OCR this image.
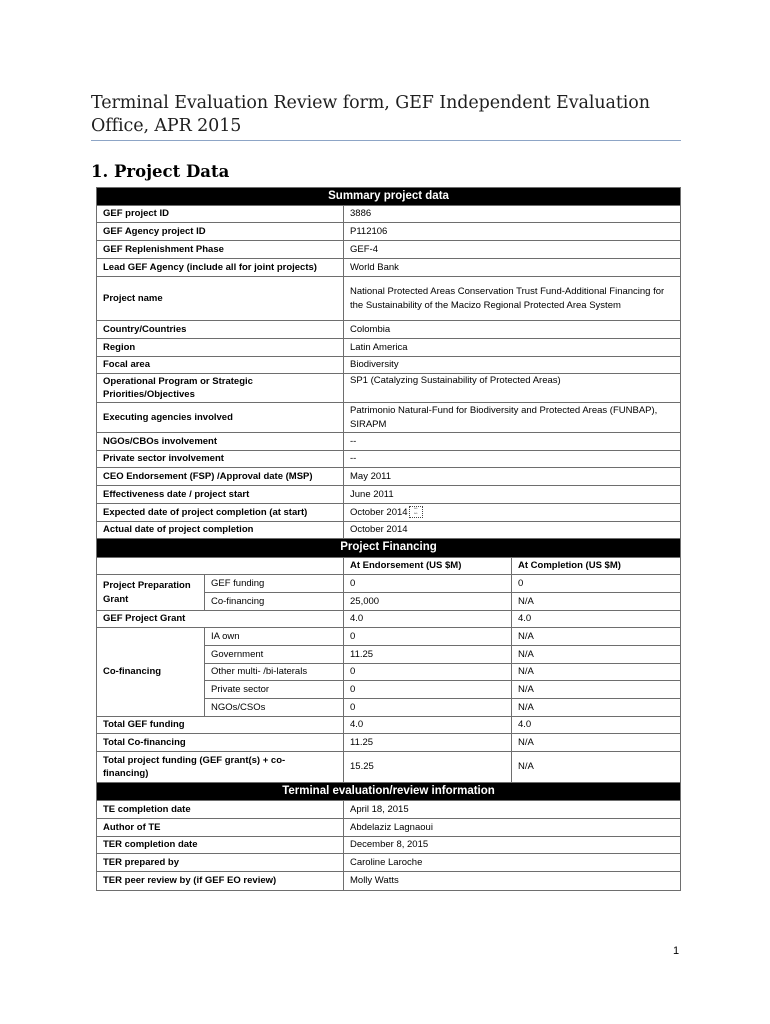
Terminal Evaluation Review form, GEF Independent Evaluation Office, APR 2015
1. Project Data
Summary project data			
GEF project ID		3886	
GEF Agency project ID		P112106	
GEF Replenishment Phase		GEF-4	
Lead GEF Agency (include all for joint projects)		World Bank	
Project name		National Protected Areas Conservation Trust Fund-Additional Financing for the Sustainability of the Macizo Regional Protected Area System	
Country/Countries		Colombia	
Region		Latin America	
Focal area		Biodiversity	
Operational Program or Strategic Priorities/Objectives		SP1 (Catalyzing Sustainability of Protected Areas)	
Executing agencies involved		Patrimonio Natural-Fund for Biodiversity and Protected Areas (FUNBAP), SIRAPM	
NGOs/CBOs involvement		--	
Private sector involvement		--	
CEO Endorsement (FSP) /Approval date (MSP)		May 2011	
Effectiveness date / project start		June 2011	
Expected date of project completion (at start)		October 2014 ▫▫
▫▫	
Actual date of project completion		October 2014	
Project Financing			
		At Endorsement (US $M)	At Completion (US $M)
Project Preparation Grant	GEF funding	0	0
	Co-financing	25,000	N/A
GEF Project Grant		4.0	4.0
Co-financing	IA own	0	N/A
	Government	11.25	N/A
	Other multi- /bi-laterals	0	N/A
	Private sector	0	N/A
	NGOs/CSOs	0	N/A
Total GEF funding		4.0	4.0
Total Co-financing		11.25	N/A
Total project funding (GEF grant(s) + co-financing)		15.25	N/A
Terminal evaluation/review information			
TE completion date		April 18, 2015	
Author of TE		Abdelaziz Lagnaoui	
TER completion date		December 8, 2015	
TER prepared by		Caroline Laroche	
TER peer review by (if GEF EO review)		Molly Watts	
1
